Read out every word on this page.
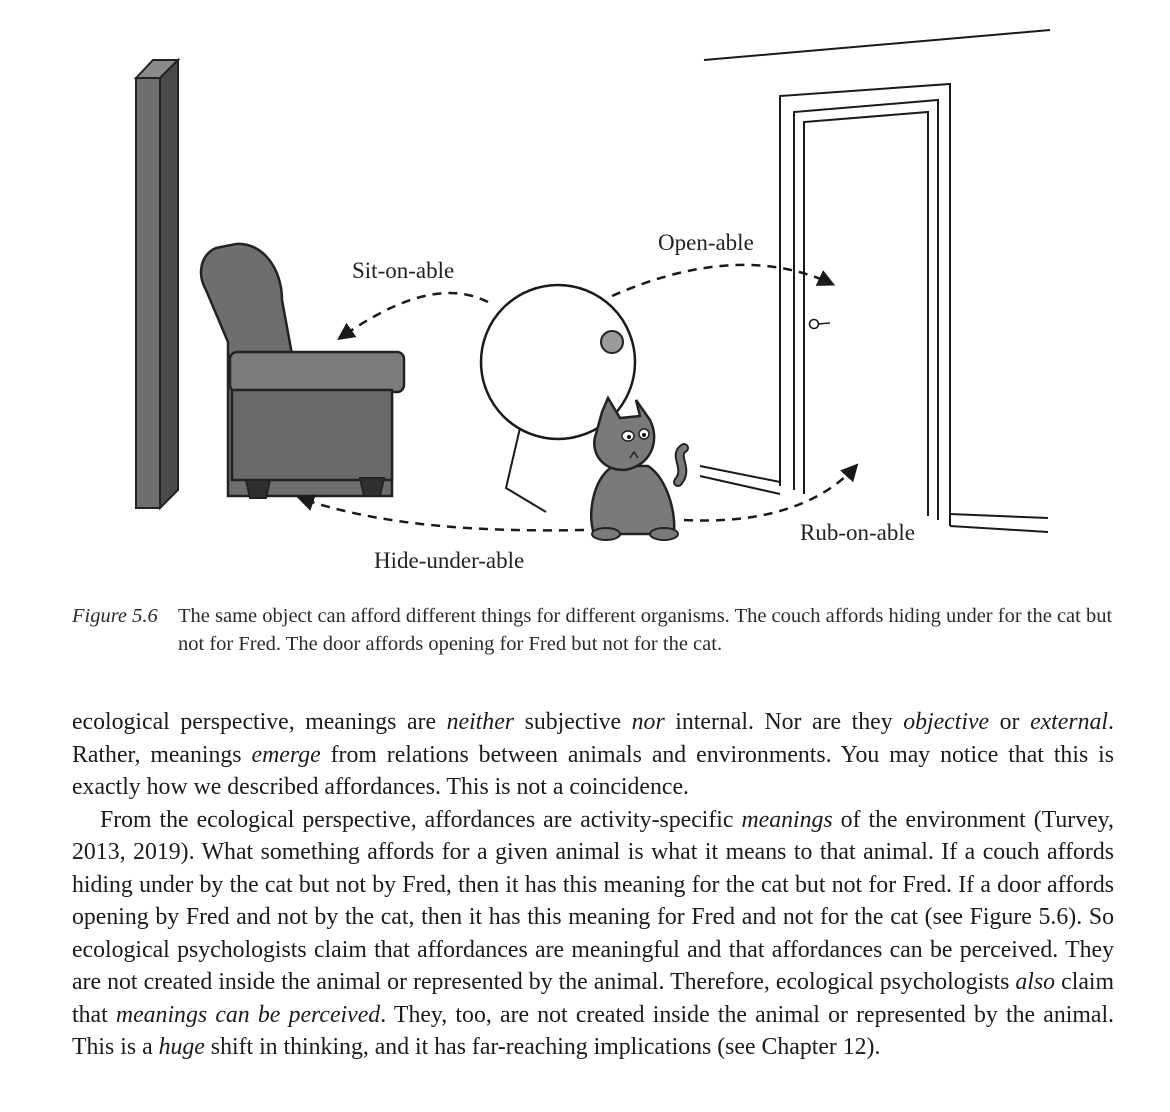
Sit-on-able
Open-able
Hide-under-able
Rub-on-able
Figure 5.6 The same object can afford different things for different organisms. The couch affords hiding under for the cat but not for Fred. The door affords opening for Fred but not for the cat.

ecological perspective, meanings are neither subjective nor internal. Nor are they objective or external. Rather, meanings emerge from relations between animals and environments. You may notice that this is exactly how we described affordances. This is not a coincidence.

From the ecological perspective, affordances are activity-specific meanings of the environment (Turvey, 2013, 2019). What something affords for a given animal is what it means to that animal. If a couch affords hiding under by the cat but not by Fred, then it has this meaning for the cat but not for Fred. If a door affords opening by Fred and not by the cat, then it has this meaning for Fred and not for the cat (see Figure 5.6). So ecological psychologists claim that affordances are meaningful and that affordances can be perceived. They are not created inside the animal or represented by the animal. Therefore, ecological psychologists also claim that meanings can be perceived. They, too, are not created inside the animal or represented by the animal. This is a huge shift in thinking, and it has far-reaching implications (see Chapter 12).
